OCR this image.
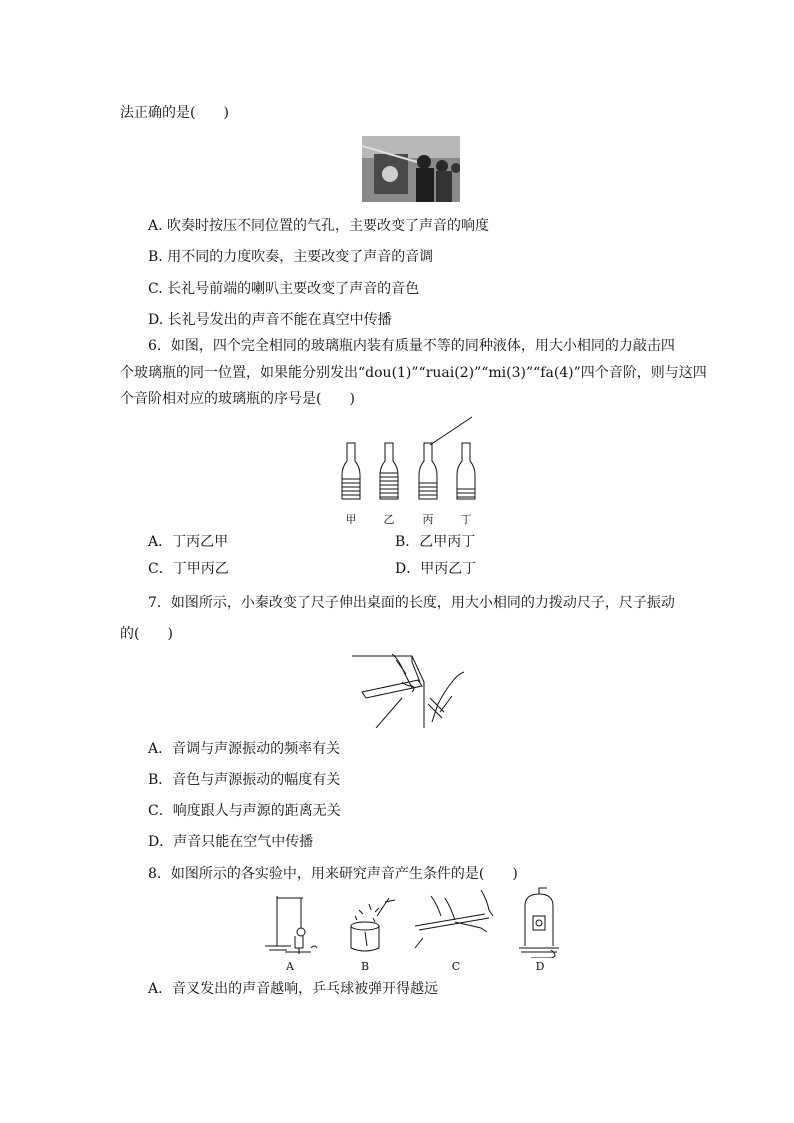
法正确的是(　　)
A. 吹奏时按压不同位置的气孔，主要改变了声音的响度
B. 用不同的力度吹奏，主要改变了声音的音调
C. 长礼号前端的喇叭主要改变了声音的音色
D. 长礼号发出的声音不能在真空中传播
6．如图，四个完全相同的玻璃瓶内装有质量不等的同种液体，用大小相同的力敲击四
个玻璃瓶的同一位置，如果能分别发出“dou(1)”“ruai(2)”“mi(3)”“fa(4)”四个音阶，则与这四
个音阶相对应的玻璃瓶的序号是(　　)
甲	乙	丙	丁
A．丁丙乙甲	B．乙甲丙丁
C．丁甲丙乙	D．甲丙乙丁
7．如图所示，小秦改变了尺子伸出桌面的长度，用大小相同的力拨动尺子，尺子振动
的(　　)
A．音调与声源振动的频率有关
B．音色与声源振动的幅度有关
C．响度跟人与声源的距离无关
D．声音只能在空气中传播
8．如图所示的各实验中，用来研究声音产生条件的是(　　)
A	B	C	D
A．音叉发出的声音越响，乒乓球被弹开得越远
